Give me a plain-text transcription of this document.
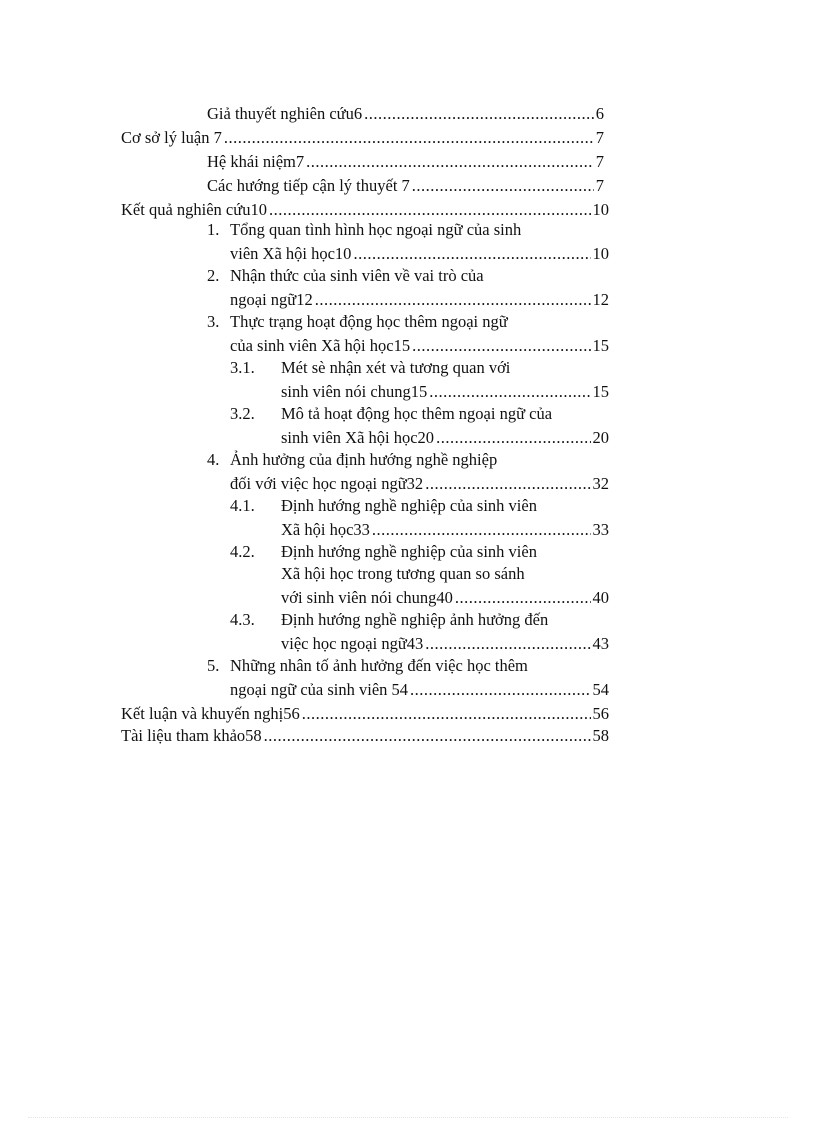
Giả thuyết nghiên cứu6 .....	6
Cơ sở lý luận 7 .....	7
Hệ khái niệm7 .....	7
Các hướng tiếp cận lý thuyết 7 .....	7
Kết quả nghiên cứu10 .....	10
1. Tổng quan tình hình học ngoại ngữ của sinh
viên Xã hội học10 .....	10
2. Nhận thức của sinh viên về vai trò của
ngoại ngữ12 .....	12
3. Thực trạng hoạt động học thêm ngoại ngữ
của sinh viên Xã hội học15 .....	15
3.1. Mét sè nhận xét và tương quan với
sinh viên nói chung15 .....	15
3.2. Mô tả hoạt động học thêm ngoại ngữ của
sinh viên Xã hội học20 .....	20
4. Ảnh hưởng của định hướng nghề nghiệp
đối với việc học ngoại ngữ32 .....	32
4.1. Định hướng nghề nghiệp của sinh viên
Xã hội học33 .....	33
4.2. Định hướng nghề nghiệp của sinh viên
Xã hội học trong tương quan so sánh
với sinh viên nói chung40 .....	40
4.3. Định hướng nghề nghiệp ảnh hưởng đến
việc học ngoại ngữ43 .....	43
5. Những nhân tố ảnh hưởng đến việc học thêm
ngoại ngữ của sinh viên 54 .....	54
Kết luận và khuyến nghị56 .....	56
Tài liệu tham khảo58 .....	58
